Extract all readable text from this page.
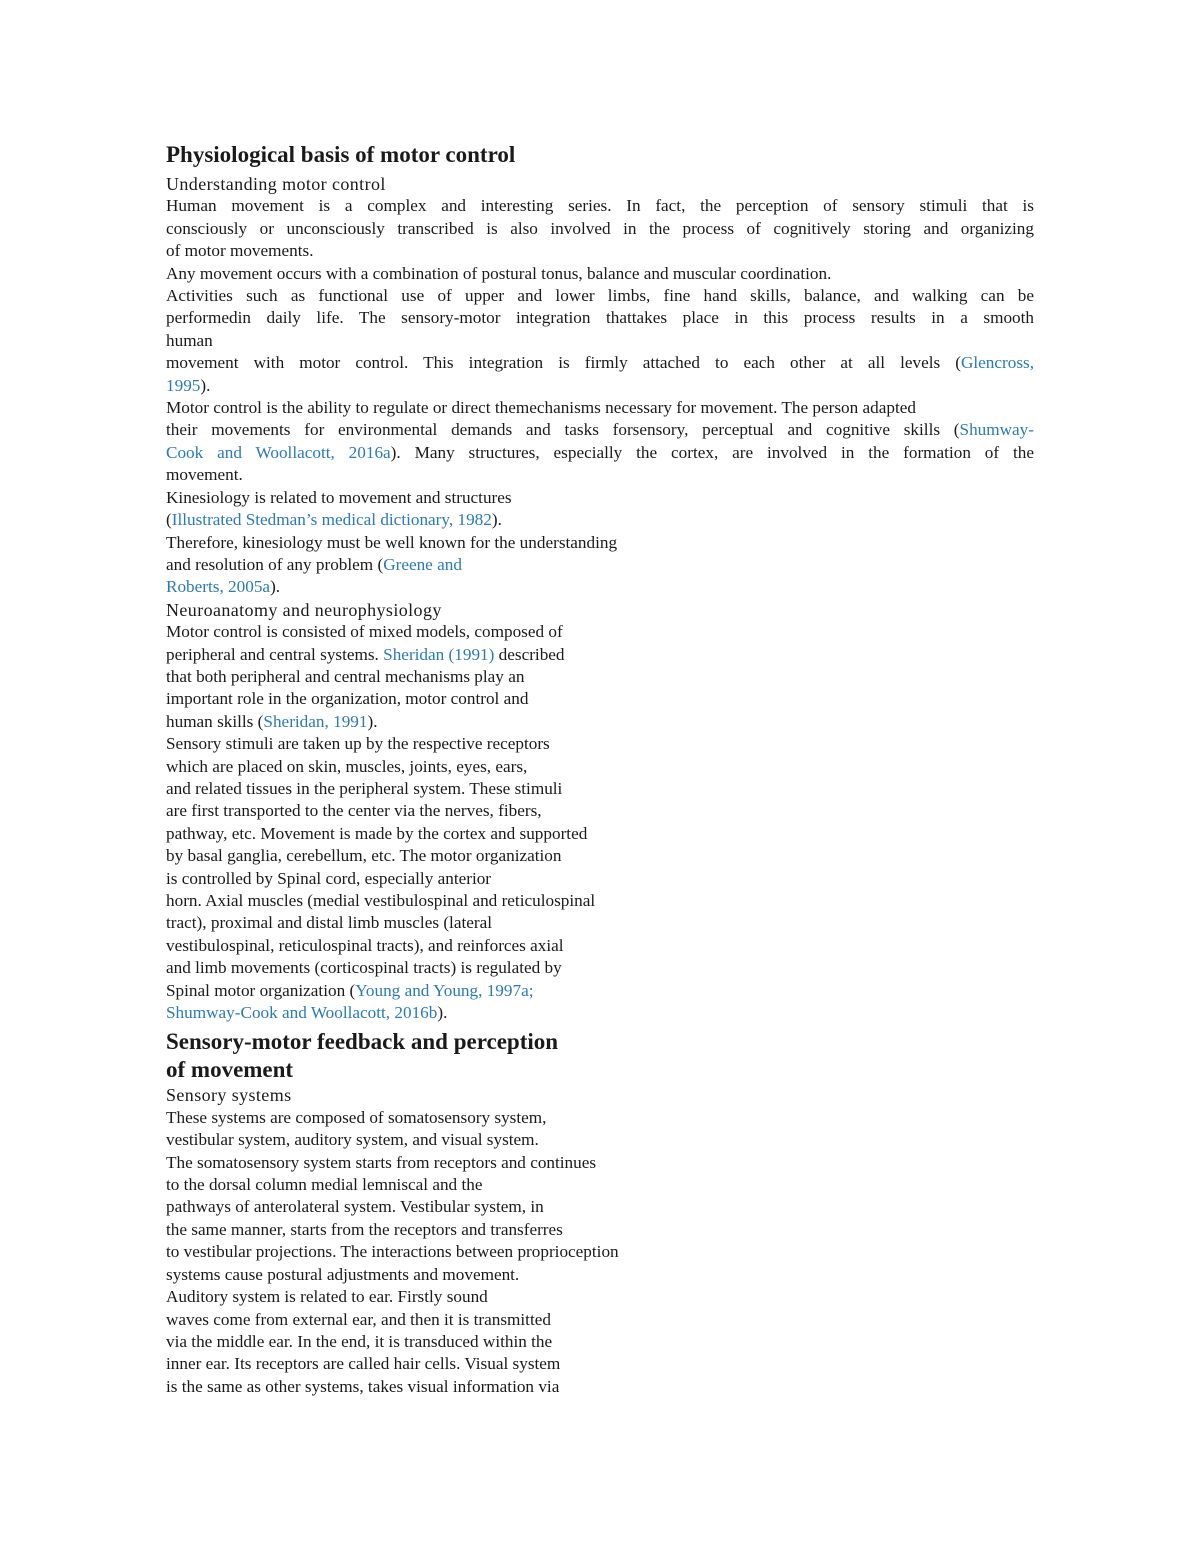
Physiological basis of motor control
Understanding motor control
Human movement is a complex and interesting series. In fact, the perception of sensory stimuli that is
consciously or unconsciously transcribed is also involved in the process of cognitively storing and organizing
of motor movements.
Any movement occurs with a combination of postural tonus, balance and muscular coordination.
Activities such as functional use of upper and lower limbs, fine hand skills, balance, and walking can be
performedin daily life. The sensory-motor integration thattakes place in this process results in a smooth
human
movement with motor control. This integration is firmly attached to each other at all levels (Glencross,
1995).
Motor control is the ability to regulate or direct themechanisms necessary for movement. The person adapted
their movements for environmental demands and tasks forsensory, perceptual and cognitive skills (Shumway-
Cook and Woollacott, 2016a). Many structures, especially the cortex, are involved in the formation of the
movement.
Kinesiology is related to movement and structures
(Illustrated Stedman’s medical dictionary, 1982).
Therefore, kinesiology must be well known for the understanding
and resolution of any problem (Greene and
Roberts, 2005a).
Neuroanatomy and neurophysiology
Motor control is consisted of mixed models, composed of
peripheral and central systems. Sheridan (1991) described
that both peripheral and central mechanisms play an
important role in the organization, motor control and
human skills (Sheridan, 1991).
Sensory stimuli are taken up by the respective receptors
which are placed on skin, muscles, joints, eyes, ears,
and related tissues in the peripheral system. These stimuli
are first transported to the center via the nerves, fibers,
pathway, etc. Movement is made by the cortex and supported
by basal ganglia, cerebellum, etc. The motor organization
is controlled by Spinal cord, especially anterior
horn. Axial muscles (medial vestibulospinal and reticulospinal
tract), proximal and distal limb muscles (lateral
vestibulospinal, reticulospinal tracts), and reinforces axial
and limb movements (corticospinal tracts) is regulated by
Spinal motor organization (Young and Young, 1997a;
Shumway-Cook and Woollacott, 2016b).
Sensory-motor feedback and perception
of movement
Sensory systems
These systems are composed of somatosensory system,
vestibular system, auditory system, and visual system.
The somatosensory system starts from receptors and continues
to the dorsal column medial lemniscal and the
pathways of anterolateral system. Vestibular system, in
the same manner, starts from the receptors and transferres
to vestibular projections. The interactions between proprioception
systems cause postural adjustments and movement.
Auditory system is related to ear. Firstly sound
waves come from external ear, and then it is transmitted
via the middle ear. In the end, it is transduced within the
inner ear. Its receptors are called hair cells. Visual system
is the same as other systems, takes visual information via
